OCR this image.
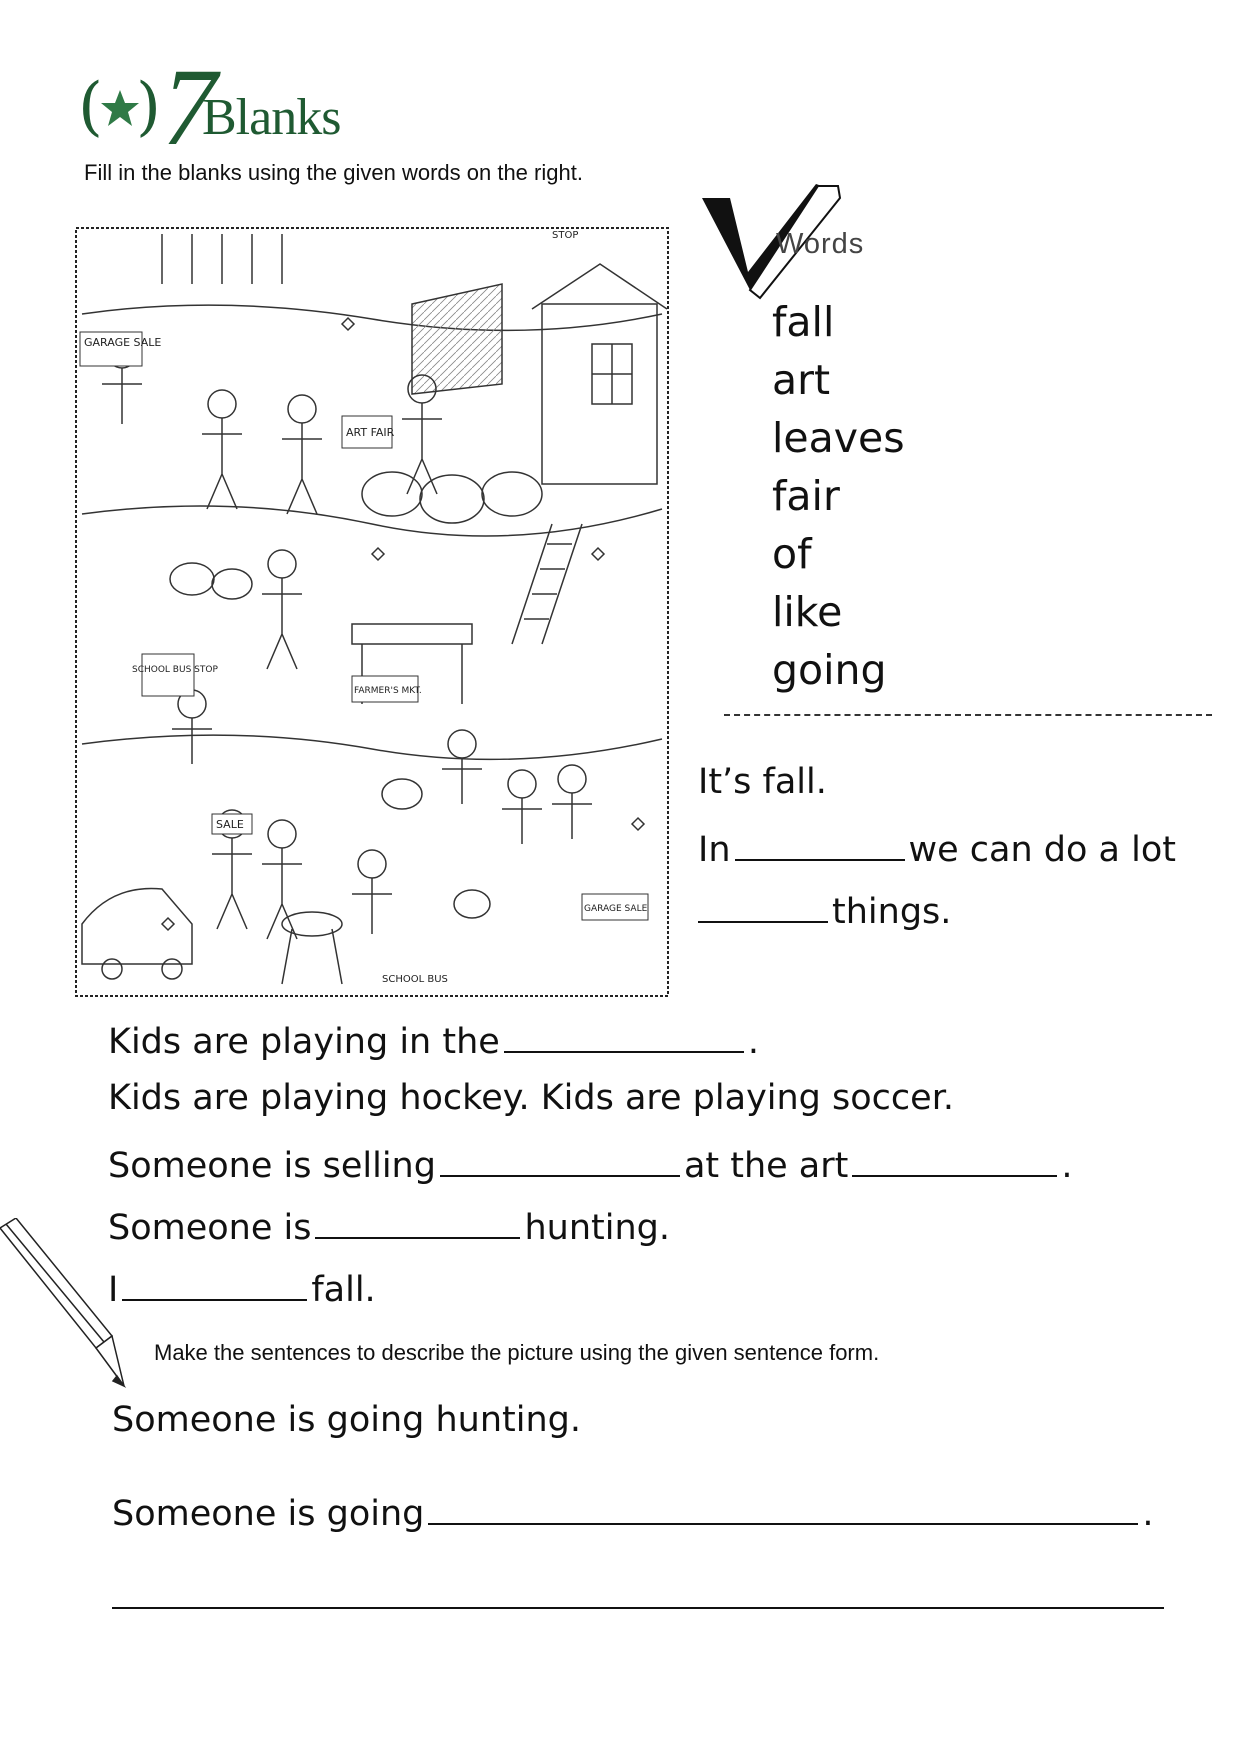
( ) 7
Blanks
Fill in the blanks using the given words on the right.
GARAGE SALE
ART FAIR
SCHOOL BUS STOP
FARMER'S MKT.
SALE
SCHOOL BUS
GARAGE SALE
STOP	Words
fall
art
leaves
fair
of
like
going
It’s fall.
In	we can do a lot
things.
Kids are playing in the	.
Kids are playing hockey. Kids are playing soccer.
Someone is selling	at the art	.
Someone is	hunting.
I	fall.
Make the sentences to describe the picture using the given sentence form.
Someone is going hunting.
Someone is going	.
